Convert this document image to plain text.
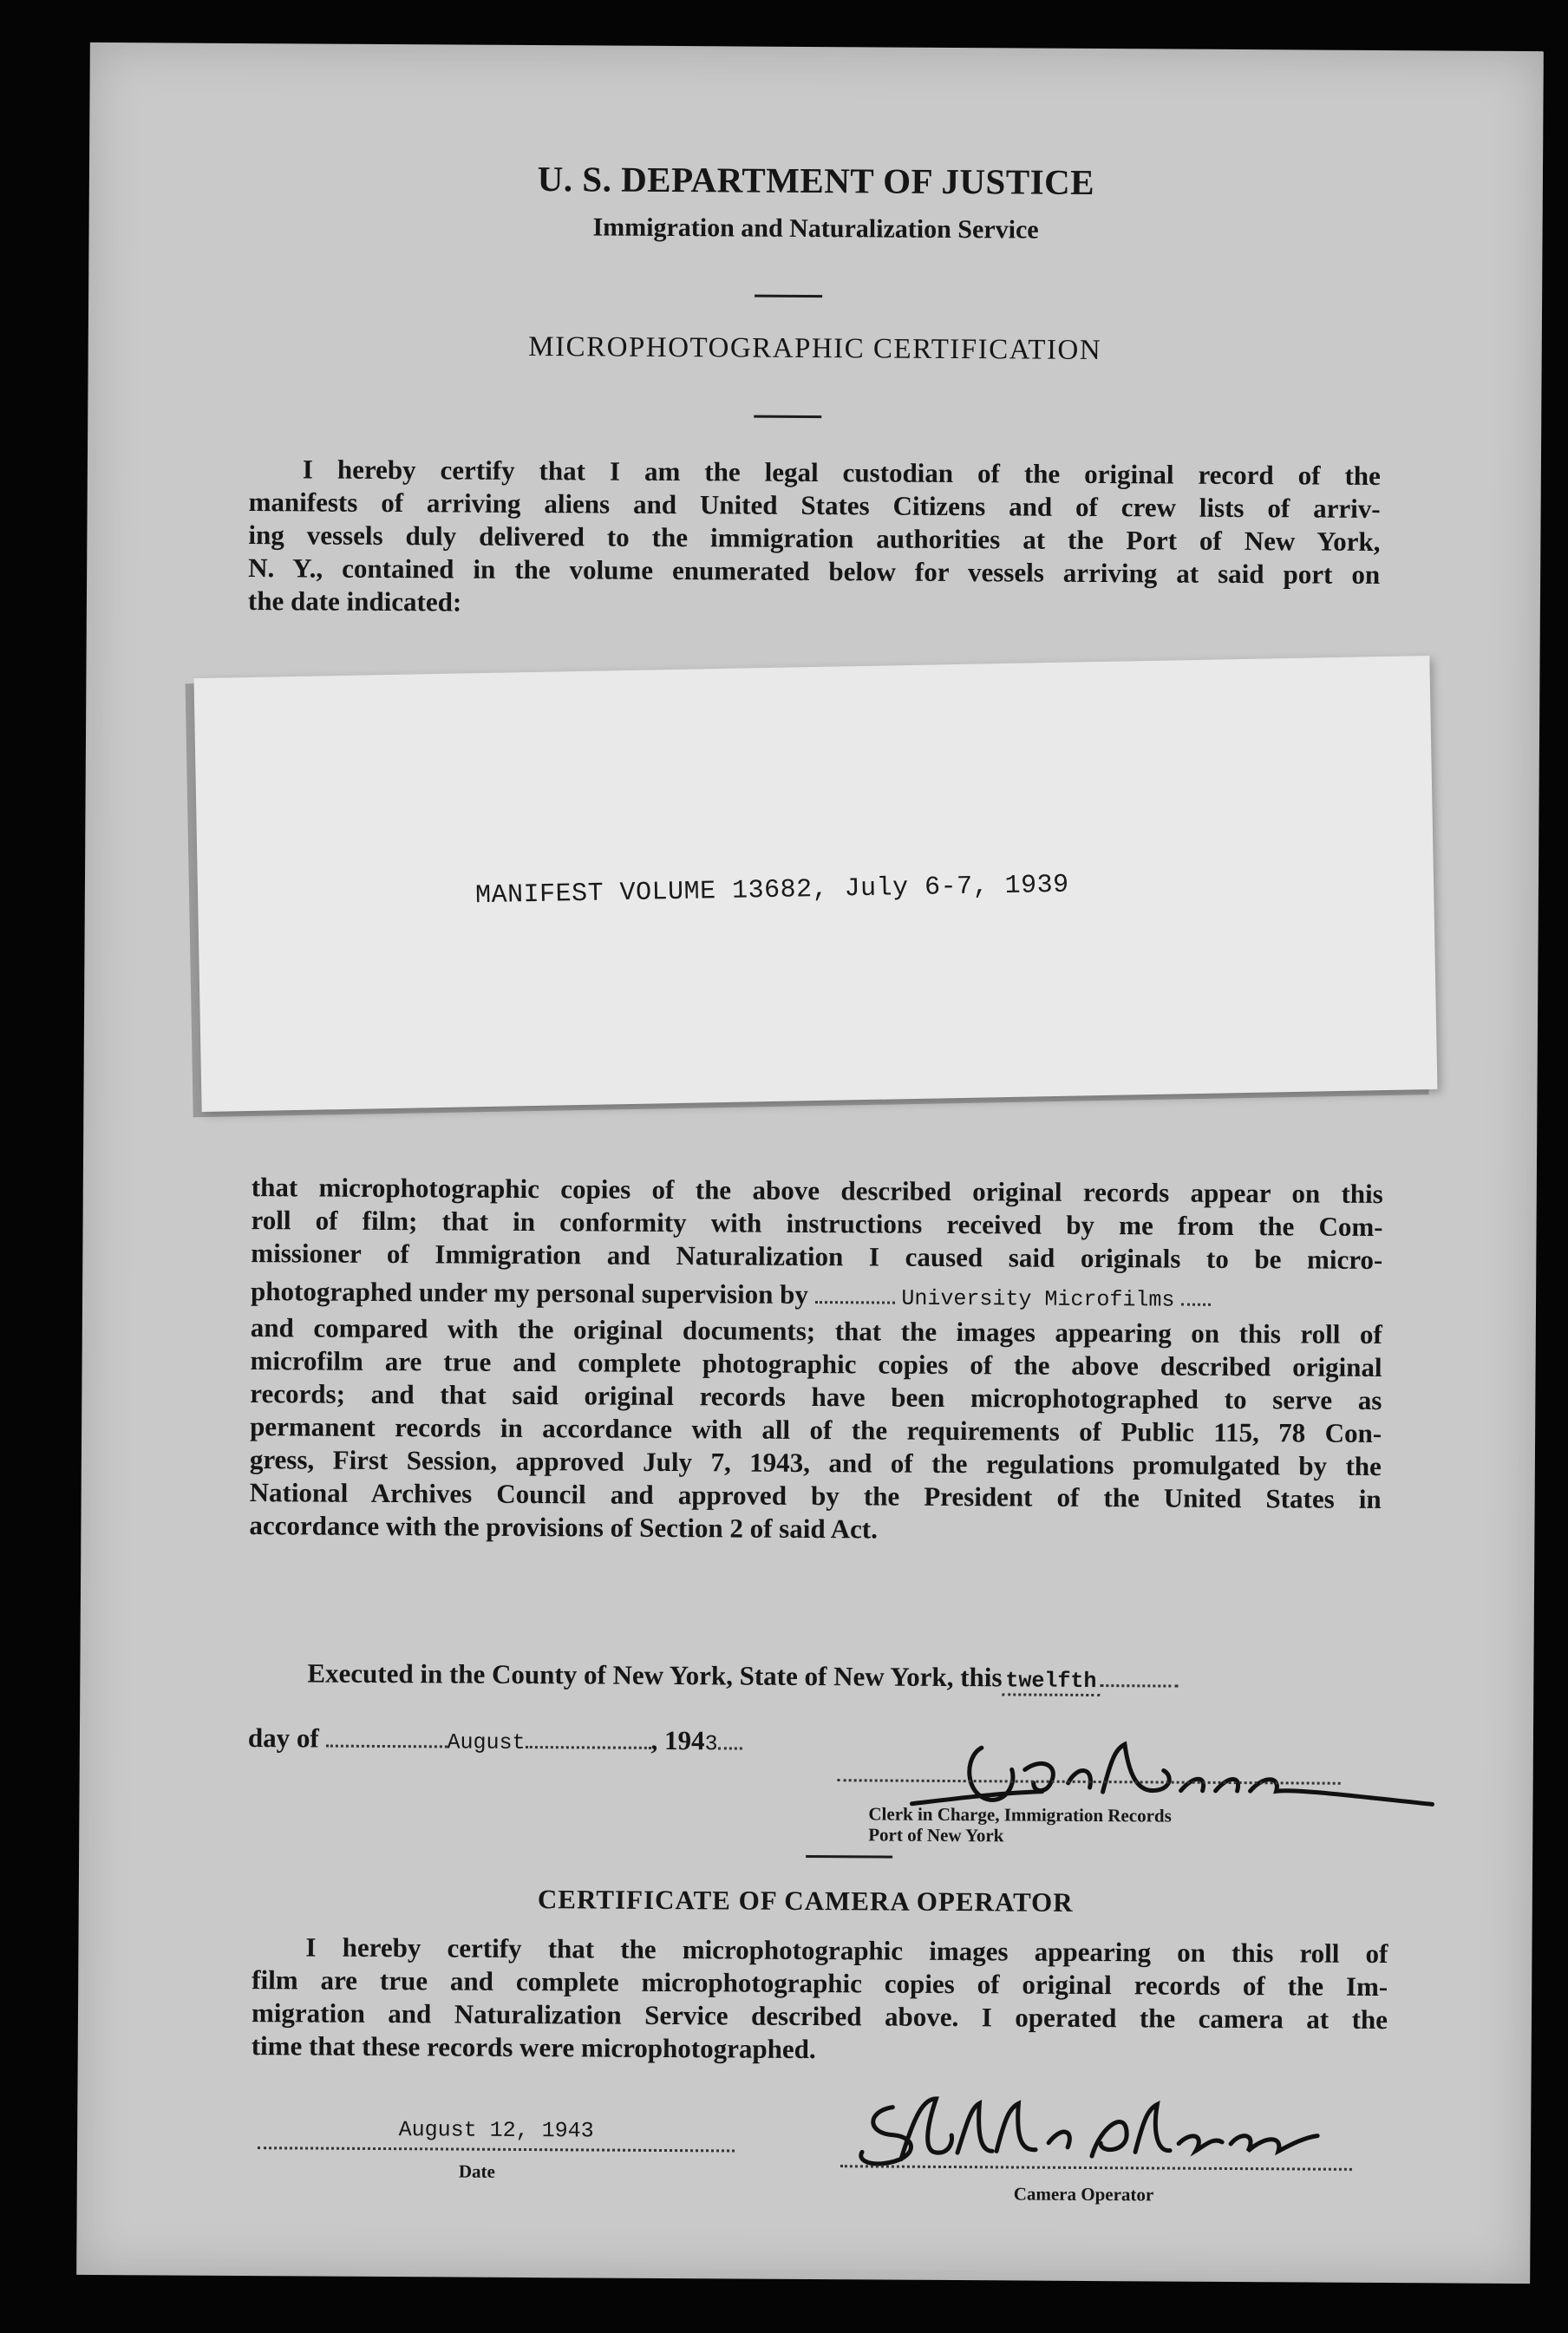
U. S. DEPARTMENT OF JUSTICE
Immigration and Naturalization Service
MICROPHOTOGRAPHIC CERTIFICATION
I hereby certify that I am the legal custodian of the original record of the
manifests of arriving aliens and United States Citizens and of crew lists of arriv-
ing vessels duly delivered to the immigration authorities at the Port of New York,
N. Y., contained in the volume enumerated below for vessels arriving at said port on
the date indicated:
MANIFEST VOLUME 13682, July 6-7, 1939
that microphotographic copies of the above described original records appear on this
roll of film; that in conformity with instructions received by me from the Com-
missioner of Immigration and Naturalization I caused said originals to be micro-
photographed under my personal supervision by	University Microfilms
and compared with the original documents; that the images appearing on this roll of
microfilm are true and complete photographic copies of the above described original
records; and that said original records have been microphotographed to serve as
permanent records in accordance with all of the requirements of Public 115, 78 Con-
gress, First Session, approved July 7, 1943, and of the regulations promulgated by the
National Archives Council and approved by the President of the United States in
accordance with the provisions of Section 2 of said Act.
Executed in the County of New York, State of New York, this twelfth
day of	August	, 1943
Clerk in Charge, Immigration Records
Port of New York
CERTIFICATE OF CAMERA OPERATOR
I hereby certify that the microphotographic images appearing on this roll of
film are true and complete microphotographic copies of original records of the Im-
migration and Naturalization Service described above. I operated the camera at the
time that these records were microphotographed.
August 12, 1943
Date
Camera Operator
